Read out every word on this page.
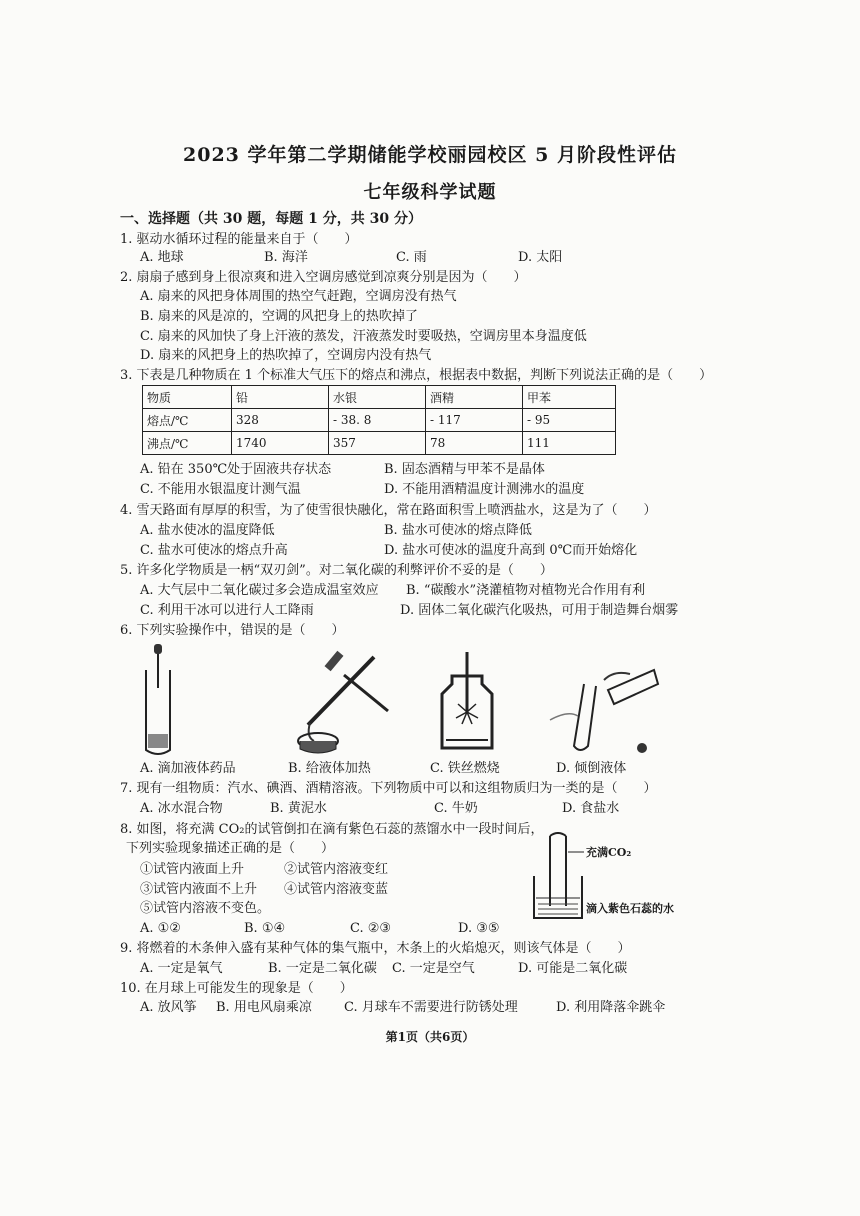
2023 学年第二学期储能学校丽园校区 5 月阶段性评估
七年级科学试题
一、选择题（共 30 题，每题 1 分，共 30 分）
1. 驱动水循环过程的能量来自于（　　）
A. 地球	B. 海洋	C. 雨	D. 太阳
2. 扇扇子感到身上很凉爽和进入空调房感觉到凉爽分别是因为（　　）
A. 扇来的风把身体周围的热空气赶跑，空调房没有热气
B. 扇来的风是凉的，空调的风把身上的热吹掉了
C. 扇来的风加快了身上汗液的蒸发，汗液蒸发时要吸热，空调房里本身温度低
D. 扇来的风把身上的热吹掉了，空调房内没有热气
3. 下表是几种物质在 1 个标准大气压下的熔点和沸点，根据表中数据，判断下列说法正确的是（　　）
物质	铅	水银	酒精	甲苯
熔点/℃	328	- 38. 8	- 117	- 95
沸点/℃	1740	357	78	111
A. 铅在 350℃处于固液共存状态	B. 固态酒精与甲苯不是晶体
C. 不能用水银温度计测气温	D. 不能用酒精温度计测沸水的温度
4. 雪天路面有厚厚的积雪，为了使雪很快融化，常在路面积雪上喷洒盐水，这是为了（　　）
A. 盐水使冰的温度降低	B. 盐水可使冰的熔点降低
C. 盐水可使冰的熔点升高	D. 盐水可使冰的温度升高到 0℃而开始熔化
5. 许多化学物质是一柄“双刃剑”。对二氧化碳的利弊评价不妥的是（　　）
A. 大气层中二氧化碳过多会造成温室效应 B. “碳酸水”浇灌植物对植物光合作用有利
C. 利用干冰可以进行人工降雨	D. 固体二氧化碳汽化吸热，可用于制造舞台烟雾
6. 下列实验操作中，错误的是（　　）
A. 滴加液体药品	B. 给液体加热	C. 铁丝燃烧	D. 倾倒液体
7. 现有一组物质：汽水、碘酒、酒精溶液。下列物质中可以和这组物质归为一类的是（　　）
A. 冰水混合物	B. 黄泥水	C. 牛奶	D. 食盐水
8. 如图，将充满 CO₂的试管倒扣在滴有紫色石蕊的蒸馏水中一段时间后，
下列实验现象描述正确的是（　　）
①试管内液面上升	②试管内溶液变红
③试管内液面不上升 ④试管内溶液变蓝
⑤试管内溶液不变色。
A. ①②	B. ①④	C. ②③	D. ③⑤
充满CO₂
滴入紫色石蕊的水
9. 将燃着的木条伸入盛有某种气体的集气瓶中，木条上的火焰熄灭，则该气体是（　　）
A. 一定是氧气	B. 一定是二氧化碳 C. 一定是空气	D. 可能是二氧化碳
10. 在月球上可能发生的现象是（　　）
A. 放风筝 B. 用电风扇乘凉 C. 月球车不需要进行防锈处理	D. 利用降落伞跳伞
第1页（共6页）
